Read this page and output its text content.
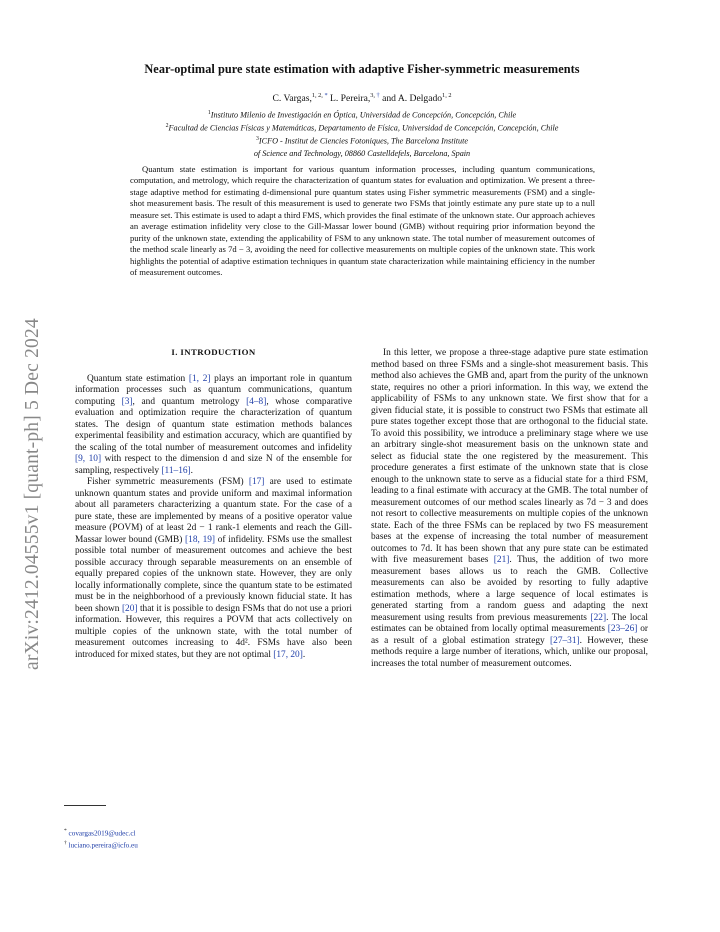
arXiv:2412.04555v1 [quant-ph] 5 Dec 2024
Near-optimal pure state estimation with adaptive Fisher-symmetric measurements
C. Vargas,$^{1, 2,}$ * L. Pereira,$^{3,}$ † and A. Delgado$^{1, 2}$
$^1$Instituto Milenio de Investigación en Óptica, Universidad de Concepción, Concepción, Chile
$^2$Facultad de Ciencias Físicas y Matemáticas, Departamento de Física, Universidad de Concepción, Concepción, Chile
$^3$ICFO - Institut de Ciencies Fotoniques, The Barcelona Institute
of Science and Technology, 08860 Castelldefels, Barcelona, Spain
Quantum state estimation is important for various quantum information processes, including quantum communications, computation, and metrology, which require the characterization of quantum states for evaluation and optimization. We present a three-stage adaptive method for estimating d-dimensional pure quantum states using Fisher symmetric measurements (FSM) and a single-shot measurement basis. The result of this measurement is used to generate two FSMs that jointly estimate any pure state up to a null measure set. This estimate is used to adapt a third FMS, which provides the final estimate of the unknown state. Our approach achieves an average estimation infidelity very close to the Gill-Massar lower bound (GMB) without requiring prior information beyond the purity of the unknown state, extending the applicability of FSM to any unknown state. The total number of measurement outcomes of the method scale linearly as 7d − 3, avoiding the need for collective measurements on multiple copies of the unknown state. This work highlights the potential of adaptive estimation techniques in quantum state characterization while maintaining efficiency in the number of measurement outcomes.
I. INTRODUCTION

Quantum state estimation [1, 2] plays an important role in quantum information processes such as quantum communications, quantum computing [3], and quantum metrology [4–8], whose comparative evaluation and optimization require the characterization of quantum states. The design of quantum state estimation methods balances experimental feasibility and estimation accuracy, which are quantified by the scaling of the total number of measurement outcomes and infidelity [9, 10] with respect to the dimension d and size N of the ensemble for sampling, respectively [11–16].

Fisher symmetric measurements (FSM) [17] are used to estimate unknown quantum states and provide uniform and maximal information about all parameters characterizing a quantum state. For the case of a pure state, these are implemented by means of a positive operator value measure (POVM) of at least 2d − 1 rank-1 elements and reach the Gill-Massar lower bound (GMB) [18, 19] of infidelity. FSMs use the smallest possible total number of measurement outcomes and achieve the best possible accuracy through separable measurements on an ensemble of equally prepared copies of the unknown state. However, they are only locally informationally complete, since the quantum state to be estimated must be in the neighborhood of a previously known fiducial state. It has been shown [20] that it is possible to design FSMs that do not use a priori information. However, this requires a POVM that acts collectively on multiple copies of the unknown state, with the total number of measurement outcomes increasing to 4d². FSMs have also been introduced for mixed states, but they are not optimal [17, 20].

In this letter, we propose a three-stage adaptive pure state estimation method based on three FSMs and a single-shot measurement basis. This method also achieves the GMB and, apart from the purity of the unknown state, requires no other a priori information. In this way, we extend the applicability of FSMs to any unknown state. We first show that for a given fiducial state, it is possible to construct two FSMs that estimate all pure states together except those that are orthogonal to the fiducial state. To avoid this possibility, we introduce a preliminary stage where we use an arbitrary single-shot measurement basis on the unknown state and select as fiducial state the one registered by the measurement. This procedure generates a first estimate of the unknown state that is close enough to the unknown state to serve as a fiducial state for a third FSM, leading to a final estimate with accuracy at the GMB. The total number of measurement outcomes of our method scales linearly as 7d − 3 and does not resort to collective measurements on multiple copies of the unknown state. Each of the three FSMs can be replaced by two FS measurement bases at the expense of increasing the total number of measurement outcomes to 7d. It has been shown that any pure state can be estimated with five measurement bases [21]. Thus, the addition of two more measurement bases allows us to reach the GMB. Collective measurements can also be avoided by resorting to fully adaptive estimation methods, where a large sequence of local estimates is generated starting from a random guess and adapting the next measurement using results from previous measurements [22]. The local estimates can be obtained from locally optimal measurements [23–26] or as a result of a global estimation strategy [27–31]. However, these methods require a large number of iterations, which, unlike our proposal, increases the total number of measurement outcomes.

* covargas2019@udec.cl
† luciano.pereira@icfo.eu
